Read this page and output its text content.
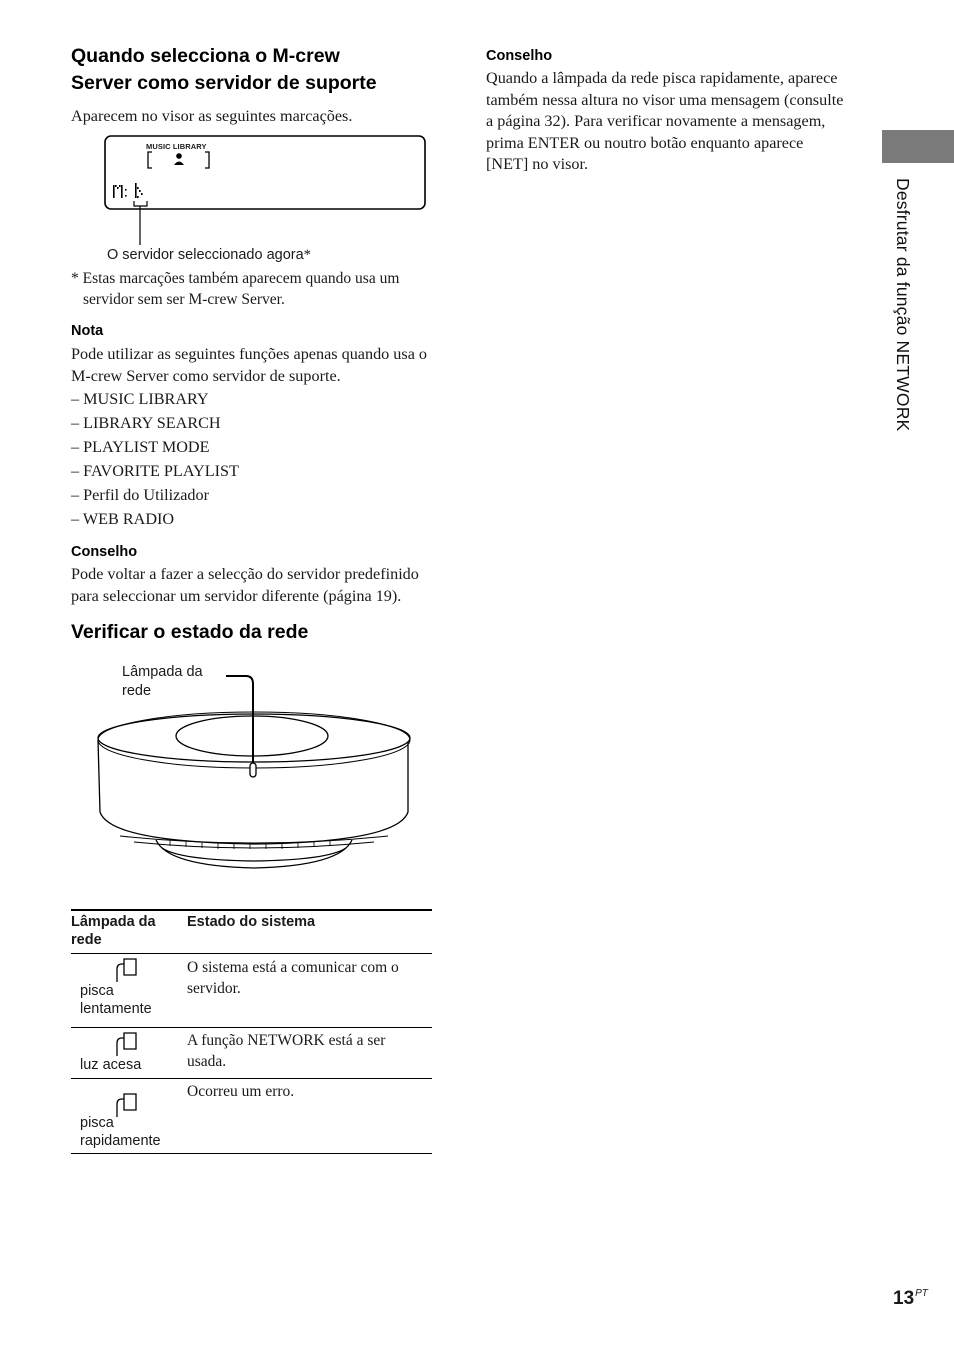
Quando selecciona o M-crew
Server como servidor de suporte
Aparecem no visor as seguintes marcações.
MUSIC LIBRARY
O servidor seleccionado agora*
* Estas marcações também aparecem quando usa um
servidor sem ser M-crew Server.
Nota
Pode utilizar as seguintes funções apenas quando usa o
M-crew Server como servidor de suporte.
– MUSIC LIBRARY
– LIBRARY SEARCH
– PLAYLIST MODE
– FAVORITE PLAYLIST
– Perfil do Utilizador
– WEB RADIO
Conselho
Pode voltar a fazer a selecção do servidor predefinido
para seleccionar um servidor diferente (página 19).
Verificar o estado da rede
Lâmpada da
rede
Lâmpada da
rede
Estado do sistema
pisca
lentamente
O sistema está a comunicar com o
servidor.
luz acesa
A função NETWORK está a ser
usada.
pisca
rapidamente
Ocorreu um erro.
Conselho
Quando a lâmpada da rede pisca rapidamente, aparece
também nessa altura no visor uma mensagem (consulte
a página 32). Para verificar novamente a mensagem,
prima ENTER ou noutro botão enquanto aparece
[NET] no visor.
Desfrutar da função NETWORK
$13^{PT}$
